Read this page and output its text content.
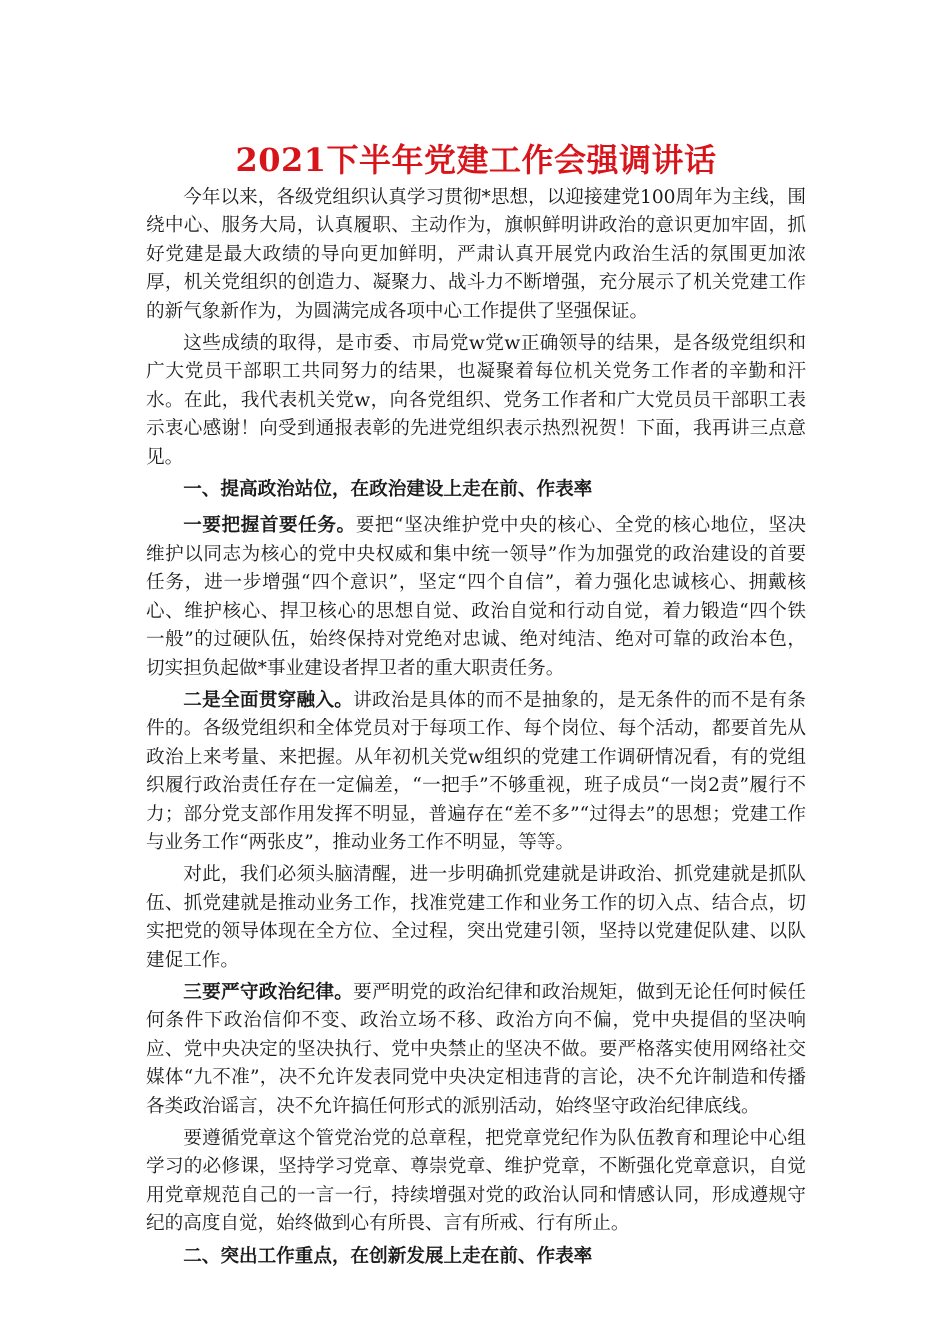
2021下半年党建工作会强调讲话

今年以来，各级党组织认真学习贯彻*思想，以迎接建党100周年为主线，围绕中心、服务大局，认真履职、主动作为，旗帜鲜明讲政治的意识更加牢固，抓好党建是最大政绩的导向更加鲜明，严肃认真开展党内政治生活的氛围更加浓厚，机关党组织的创造力、凝聚力、战斗力不断增强，充分展示了机关党建工作的新气象新作为，为圆满完成各项中心工作提供了坚强保证。

这些成绩的取得，是市委、市局党w党w正确领导的结果，是各级党组织和广大党员干部职工共同努力的结果，也凝聚着每位机关党务工作者的辛勤和汗水。在此，我代表机关党w，向各党组织、党务工作者和广大党员员干部职工表示衷心感谢！向受到通报表彰的先进党组织表示热烈祝贺！下面，我再讲三点意见。

一、提高政治站位，在政治建设上走在前、作表率

一要把握首要任务。要把“坚决维护党中央的核心、全党的核心地位，坚决维护以同志为核心的党中央权威和集中统一领导”作为加强党的政治建设的首要任务，进一步增强“四个意识”，坚定“四个自信”，着力强化忠诚核心、拥戴核心、维护核心、捍卫核心的思想自觉、政治自觉和行动自觉，着力锻造“四个铁一般”的过硬队伍，始终保持对党绝对忠诚、绝对纯洁、绝对可靠的政治本色，切实担负起做*事业建设者捍卫者的重大职责任务。

二是全面贯穿融入。讲政治是具体的而不是抽象的，是无条件的而不是有条件的。各级党组织和全体党员对于每项工作、每个岗位、每个活动，都要首先从政治上来考量、来把握。从年初机关党w组织的党建工作调研情况看，有的党组织履行政治责任存在一定偏差，“一把手”不够重视，班子成员“一岗2责”履行不力；部分党支部作用发挥不明显，普遍存在“差不多”“过得去”的思想；党建工作与业务工作“两张皮”，推动业务工作不明显，等等。

对此，我们必须头脑清醒，进一步明确抓党建就是讲政治、抓党建就是抓队伍、抓党建就是推动业务工作，找准党建工作和业务工作的切入点、结合点，切实把党的领导体现在全方位、全过程，突出党建引领，坚持以党建促队建、以队建促工作。

三要严守政治纪律。要严明党的政治纪律和政治规矩，做到无论任何时候任何条件下政治信仰不变、政治立场不移、政治方向不偏，党中央提倡的坚决响应、党中央决定的坚决执行、党中央禁止的坚决不做。要严格落实使用网络社交媒体“九不准”，决不允许发表同党中央决定相违背的言论，决不允许制造和传播各类政治谣言，决不允许搞任何形式的派别活动，始终坚守政治纪律底线。

要遵循党章这个管党治党的总章程，把党章党纪作为队伍教育和理论中心组学习的必修课，坚持学习党章、尊崇党章、维护党章，不断强化党章意识，自觉用党章规范自己的一言一行，持续增强对党的政治认同和情感认同，形成遵规守纪的高度自觉，始终做到心有所畏、言有所戒、行有所止。

二、突出工作重点，在创新发展上走在前、作表率
